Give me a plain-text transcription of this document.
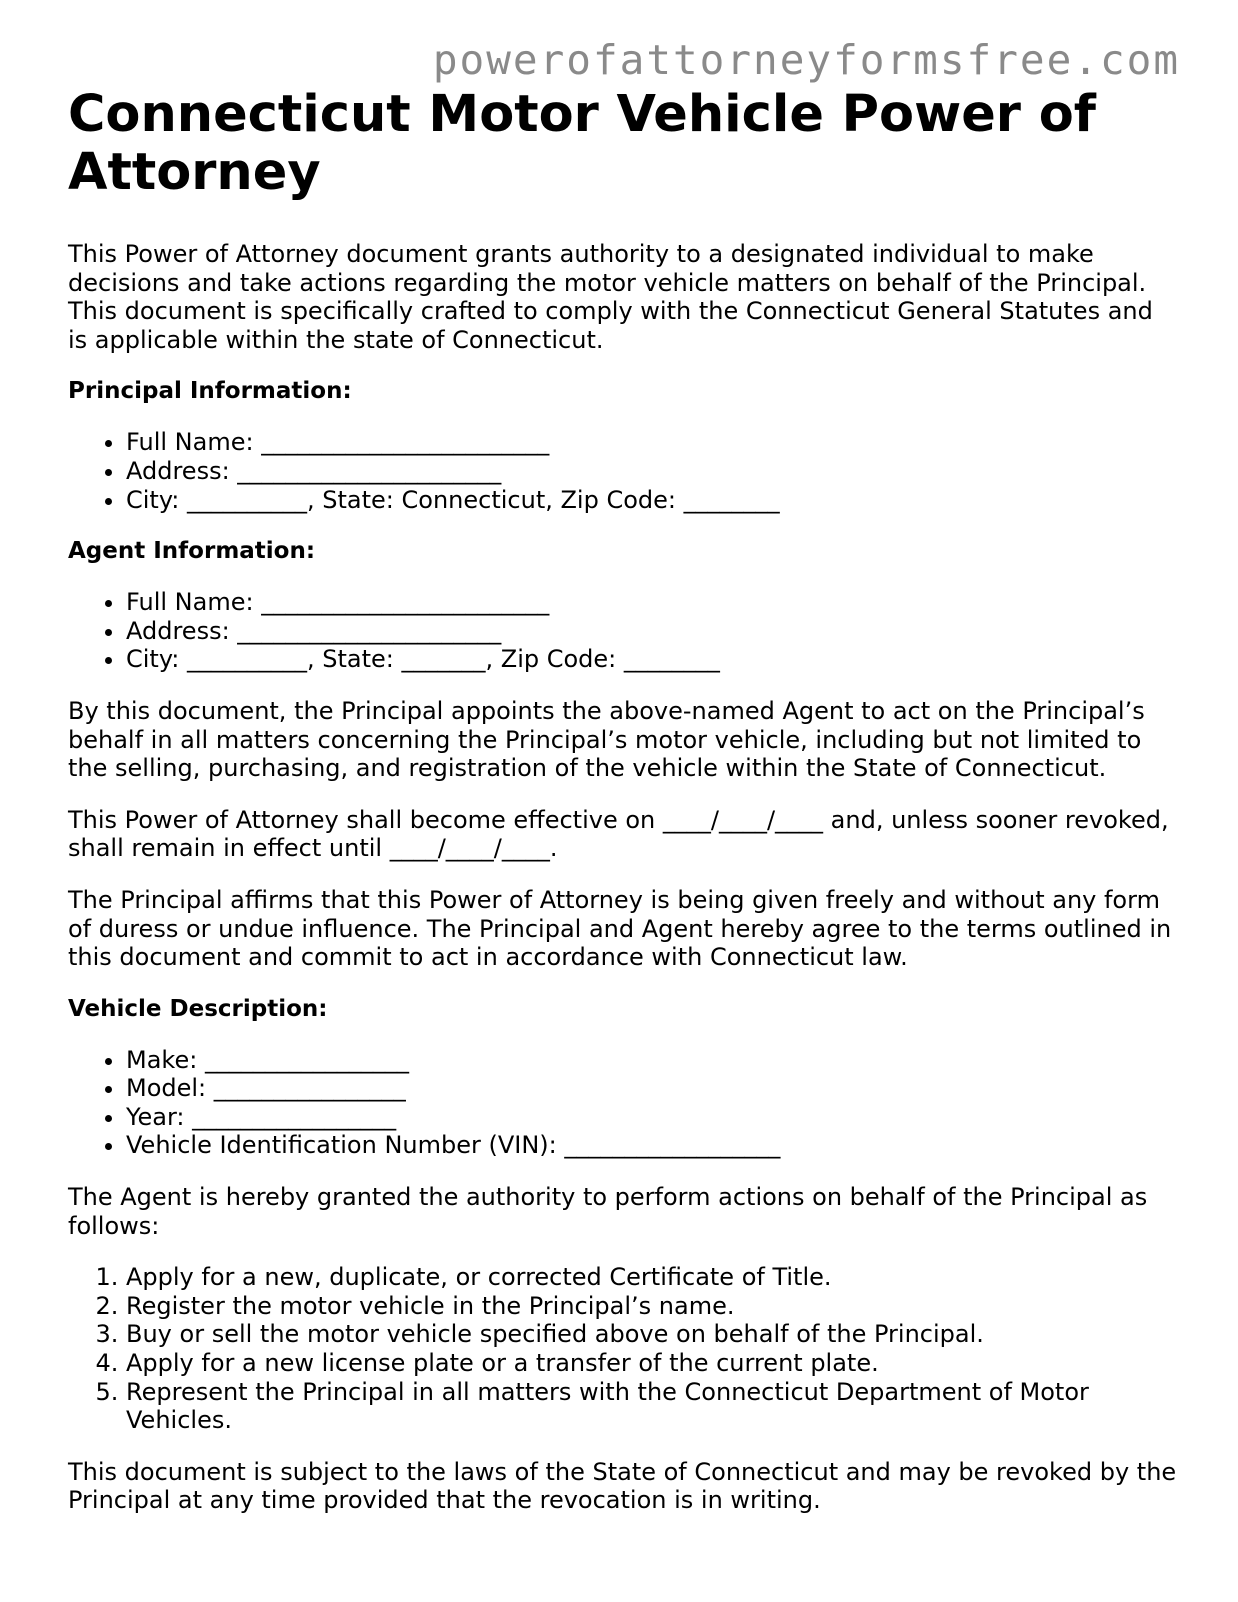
powerofattorneyformsfree.com
Connecticut Motor Vehicle Power of Attorney

This Power of Attorney document grants authority to a designated individual to make decisions and take actions regarding the motor vehicle matters on behalf of the Principal. This document is specifically crafted to comply with the Connecticut General Statutes and is applicable within the state of Connecticut.

Principal Information:
• Full Name: ________________________
• Address: ______________________
• City: __________, State: Connecticut, Zip Code: ________
Agent Information:
• Full Name: ________________________
• Address: ______________________
• City: __________, State: _______, Zip Code: ________

By this document, the Principal appoints the above-named Agent to act on the Principal’s behalf in all matters concerning the Principal’s motor vehicle, including but not limited to the selling, purchasing, and registration of the vehicle within the State of Connecticut.

This Power of Attorney shall become effective on ____/____/____ and, unless sooner revoked, shall remain in effect until ____/____/____.

The Principal affirms that this Power of Attorney is being given freely and without any form of duress or undue influence. The Principal and Agent hereby agree to the terms outlined in this document and commit to act in accordance with Connecticut law.

Vehicle Description:
• Make: _________________
• Model: ________________
• Year: _________________
• Vehicle Identification Number (VIN): __________________

The Agent is hereby granted the authority to perform actions on behalf of the Principal as follows:

1. Apply for a new, duplicate, or corrected Certificate of Title.
2. Register the motor vehicle in the Principal’s name.
3. Buy or sell the motor vehicle specified above on behalf of the Principal.
4. Apply for a new license plate or a transfer of the current plate.
5. Represent the Principal in all matters with the Connecticut Department of Motor Vehicles.

This document is subject to the laws of the State of Connecticut and may be revoked by the Principal at any time provided that the revocation is in writing.
